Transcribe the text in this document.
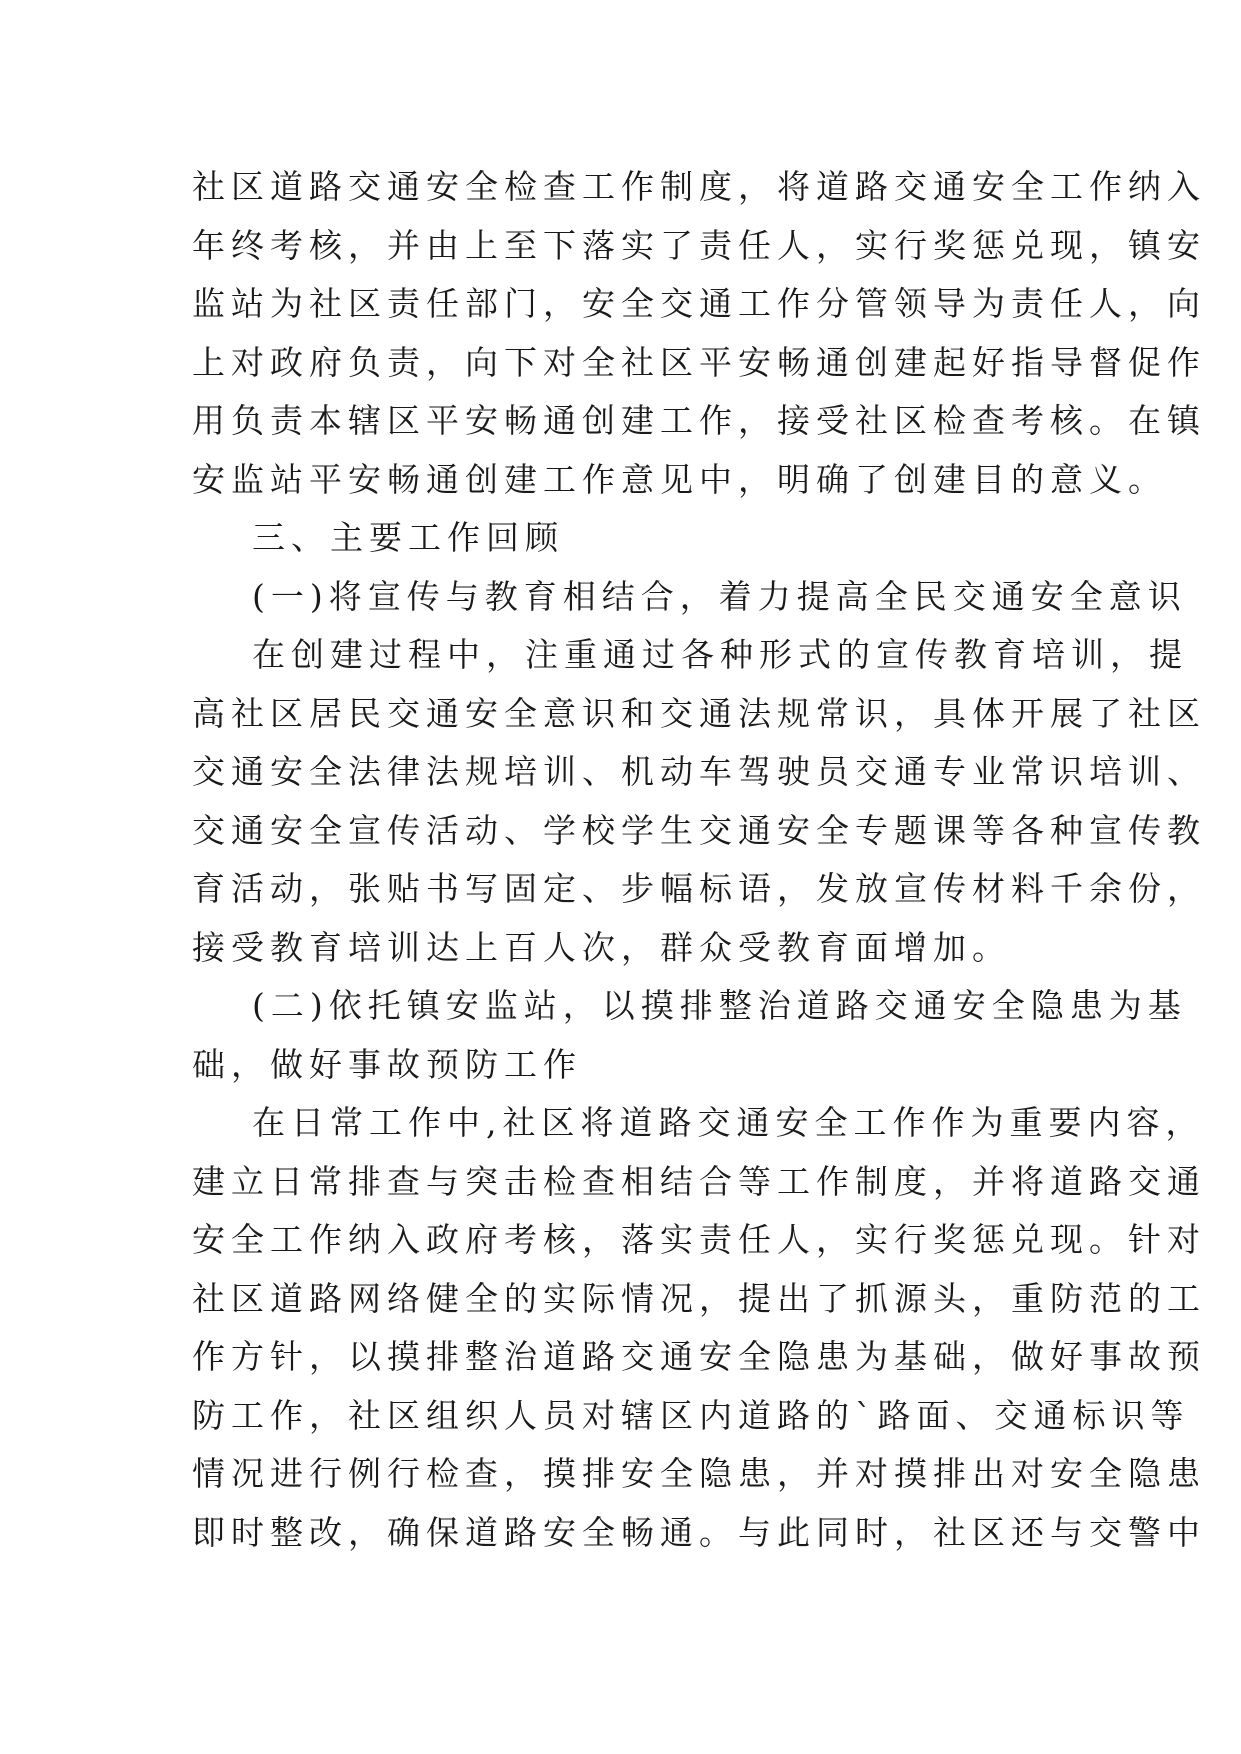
社区道路交通安全检查工作制度，将道路交通安全工作纳入
年终考核，并由上至下落实了责任人，实行奖惩兑现，镇安
监站为社区责任部门，安全交通工作分管领导为责任人，向
上对政府负责，向下对全社区平安畅通创建起好指导督促作
用负责本辖区平安畅通创建工作，接受社区检查考核。在镇
安监站平安畅通创建工作意见中，明确了创建目的意义。
三、主要工作回顾
(一)将宣传与教育相结合，着力提高全民交通安全意识
在创建过程中，注重通过各种形式的宣传教育培训，提
高社区居民交通安全意识和交通法规常识，具体开展了社区
交通安全法律法规培训、机动车驾驶员交通专业常识培训、
交通安全宣传活动、学校学生交通安全专题课等各种宣传教
育活动，张贴书写固定、步幅标语，发放宣传材料千余份，
接受教育培训达上百人次，群众受教育面增加。
(二)依托镇安监站，以摸排整治道路交通安全隐患为基
础，做好事故预防工作
在日常工作中,社区将道路交通安全工作作为重要内容，
建立日常排查与突击检查相结合等工作制度，并将道路交通
安全工作纳入政府考核，落实责任人，实行奖惩兑现。针对
社区道路网络健全的实际情况，提出了抓源头，重防范的工
作方针，以摸排整治道路交通安全隐患为基础，做好事故预
防工作，社区组织人员对辖区内道路的`路面、交通标识等
情况进行例行检查，摸排安全隐患，并对摸排出对安全隐患
即时整改，确保道路安全畅通。与此同时，社区还与交警中
